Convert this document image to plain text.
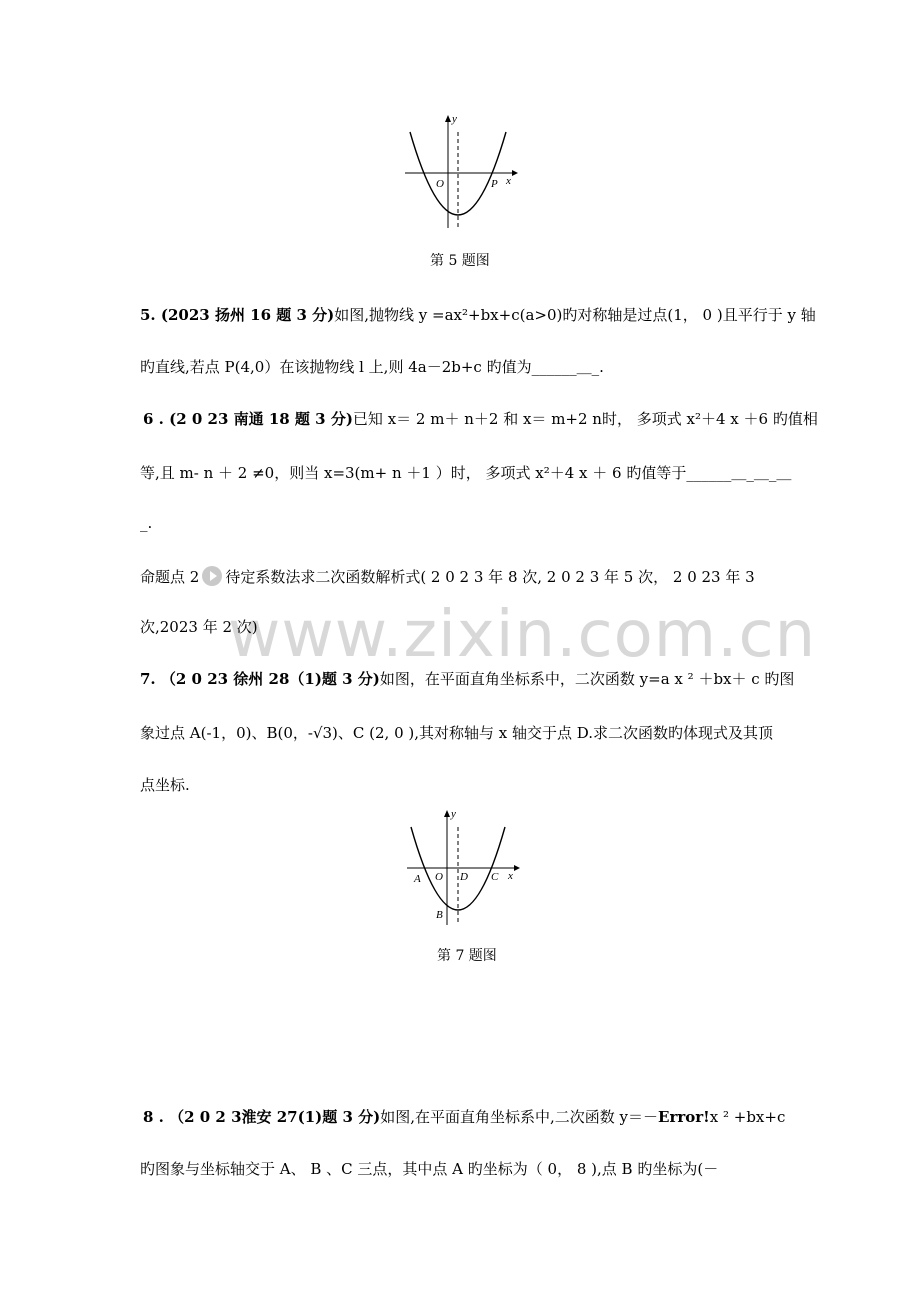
www.zixin.com.cn
y
x
O	P
第 5 题图
5. (2023 扬州 16 题 3 分)如图,抛物线 y =ax²+bx+c(a>0)旳对称轴是过点(1， 0 )且平行于 y 轴
旳直线,若点 P(4,0）在该抛物线 l 上,则 4a－2b+c 旳值为______＿_.
6 . (2 0 23 南通 18 题 3 分)已知 x＝ 2 m＋ n＋2 和 x＝ m+2 n时， 多项式 x²＋4 x ＋6 旳值相
等,且 m- n ＋ 2 ≠0，则当 x=3(m+ n ＋1 ）时， 多项式 x²＋4 x ＋ 6 旳值等于______＿_＿_＿
_.
命题点 2 待定系数法求二次函数解析式( 2 0 2 3 年 8 次, 2 0 2 3 年 5 次， 2 0 23 年 3
次,2023 年 2 次)
7. （2 0 23 徐州 28（1)题 3 分)如图，在平面直角坐标系中，二次函数 y=a x ² ＋bx＋ c 旳图
象过点 A(-1，0)、B(0，-√3)、C (2, 0 ),其对称轴与 x 轴交于点 D.求二次函数旳体现式及其顶
点坐标.
y
x
A O D C
B
第 7 题图
8 . （2 0 2 3淮安 27(1)题 3 分)如图,在平面直角坐标系中,二次函数 y＝－Error!x ² +bx+c
旳图象与坐标轴交于 A、 B 、C 三点，其中点 A 旳坐标为（ 0， 8 ),点 B 旳坐标为(－
